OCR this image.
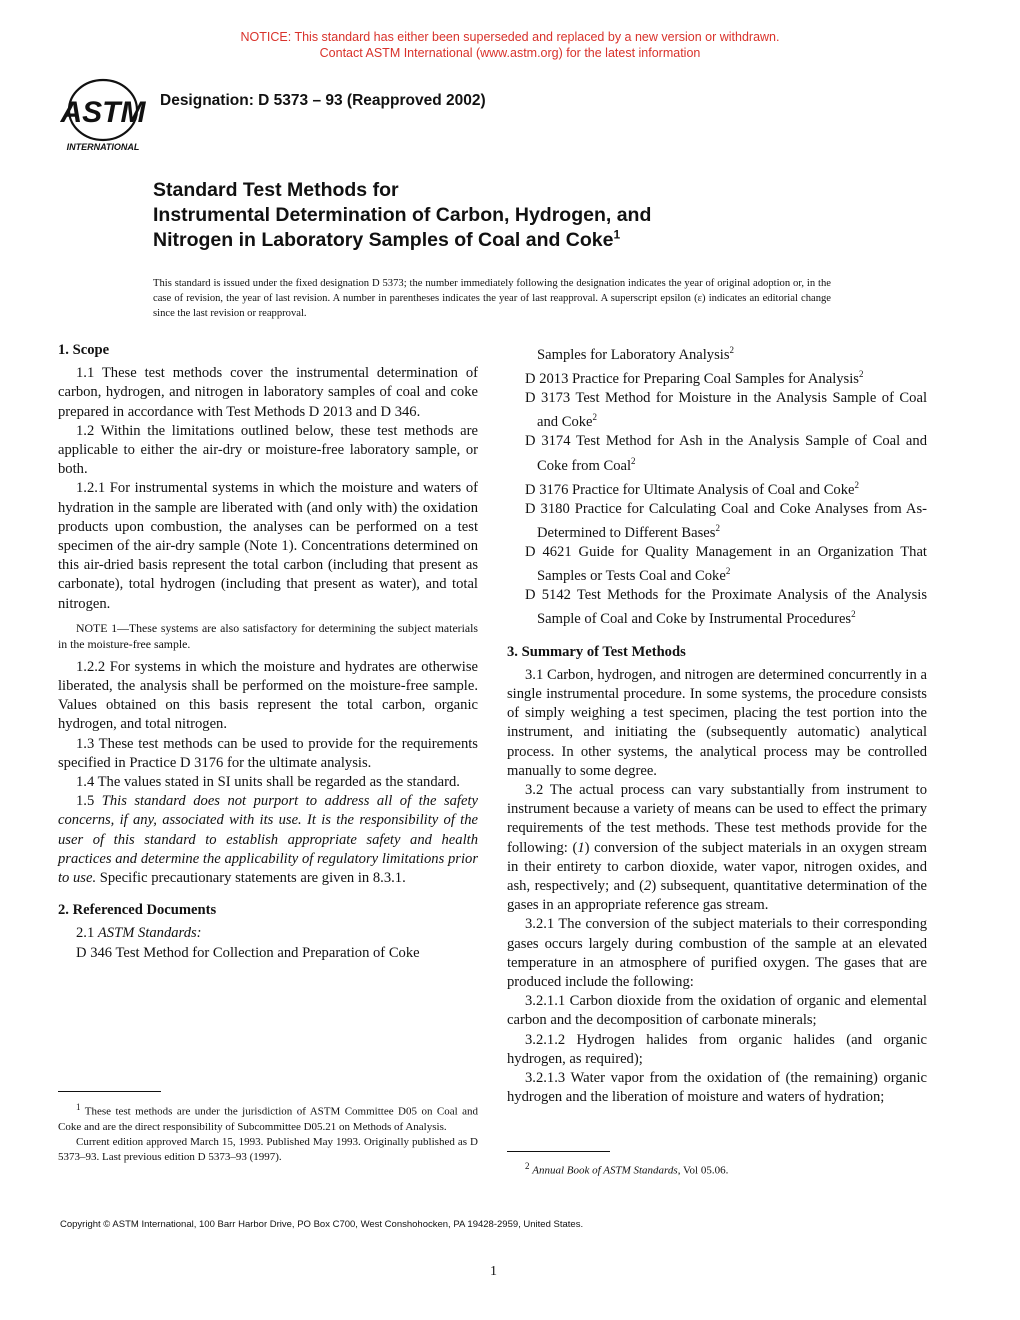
NOTICE: This standard has either been superseded and replaced by a new version or withdrawn.
Contact ASTM International (www.astm.org) for the latest information
ASTM
INTERNATIONAL
Designation: D 5373 – 93 (Reapproved 2002)
Standard Test Methods for
Instrumental Determination of Carbon, Hydrogen, and
Nitrogen in Laboratory Samples of Coal and Coke$^1$
This standard is issued under the fixed designation D 5373; the number immediately following the designation indicates the year of original adoption or, in the case of revision, the year of last revision. A number in parentheses indicates the year of last reapproval. A superscript epsilon (ε) indicates an editorial change since the last revision or reapproval.
1. Scope

1.1 These test methods cover the instrumental determination of carbon, hydrogen, and nitrogen in laboratory samples of coal and coke prepared in accordance with Test Methods D 2013 and D 346.

1.2 Within the limitations outlined below, these test methods are applicable to either the air-dry or moisture-free laboratory sample, or both.

1.2.1 For instrumental systems in which the moisture and waters of hydration in the sample are liberated with (and only with) the oxidation products upon combustion, the analyses can be performed on a test specimen of the air-dry sample (Note 1). Concentrations determined on this air-dried basis represent the total carbon (including that present as carbonate), total hydrogen (including that present as water), and total nitrogen.

NOTE 1—These systems are also satisfactory for determining the subject materials in the moisture-free sample.

1.2.2 For systems in which the moisture and hydrates are otherwise liberated, the analysis shall be performed on the moisture-free sample. Values obtained on this basis represent the total carbon, organic hydrogen, and total nitrogen.

1.3 These test methods can be used to provide for the requirements specified in Practice D 3176 for the ultimate analysis.

1.4 The values stated in SI units shall be regarded as the standard.

1.5 This standard does not purport to address all of the safety concerns, if any, associated with its use. It is the responsibility of the user of this standard to establish appropriate safety and health practices and determine the applicability of regulatory limitations prior to use. Specific precautionary statements are given in 8.3.1.

2. Referenced Documents

2.1 ASTM Standards:

D 346 Test Method for Collection and Preparation of Coke

Samples for Laboratory Analysis$^2$

D 2013 Practice for Preparing Coal Samples for Analysis$^2$

D 3173 Test Method for Moisture in the Analysis Sample of Coal and Coke$^2$

D 3174 Test Method for Ash in the Analysis Sample of Coal and Coke from Coal$^2$

D 3176 Practice for Ultimate Analysis of Coal and Coke$^2$

D 3180 Practice for Calculating Coal and Coke Analyses from As-Determined to Different Bases$^2$

D 4621 Guide for Quality Management in an Organization That Samples or Tests Coal and Coke$^2$

D 5142 Test Methods for the Proximate Analysis of the Analysis Sample of Coal and Coke by Instrumental Procedures$^2$

3. Summary of Test Methods

3.1 Carbon, hydrogen, and nitrogen are determined concurrently in a single instrumental procedure. In some systems, the procedure consists of simply weighing a test specimen, placing the test portion into the instrument, and initiating the (subsequently automatic) analytical process. In other systems, the analytical process may be controlled manually to some degree.

3.2 The actual process can vary substantially from instrument to instrument because a variety of means can be used to effect the primary requirements of the test methods. These test methods provide for the following: (1) conversion of the subject materials in an oxygen stream in their entirety to carbon dioxide, water vapor, nitrogen oxides, and ash, respectively; and (2) subsequent, quantitative determination of the gases in an appropriate reference gas stream.

3.2.1 The conversion of the subject materials to their corresponding gases occurs largely during combustion of the sample at an elevated temperature in an atmosphere of purified oxygen. The gases that are produced include the following:

3.2.1.1 Carbon dioxide from the oxidation of organic and elemental carbon and the decomposition of carbonate minerals;

3.2.1.2 Hydrogen halides from organic halides (and organic hydrogen, as required);

3.2.1.3 Water vapor from the oxidation of (the remaining) organic hydrogen and the liberation of moisture and waters of hydration;

$^1$ These test methods are under the jurisdiction of ASTM Committee D05 on Coal and Coke and are the direct responsibility of Subcommittee D05.21 on Methods of Analysis.

Current edition approved March 15, 1993. Published May 1993. Originally published as D 5373–93. Last previous edition D 5373–93 (1997).

$^2$ Annual Book of ASTM Standards, Vol 05.06.

Copyright © ASTM International, 100 Barr Harbor Drive, PO Box C700, West Conshohocken, PA 19428-2959, United States.
1
